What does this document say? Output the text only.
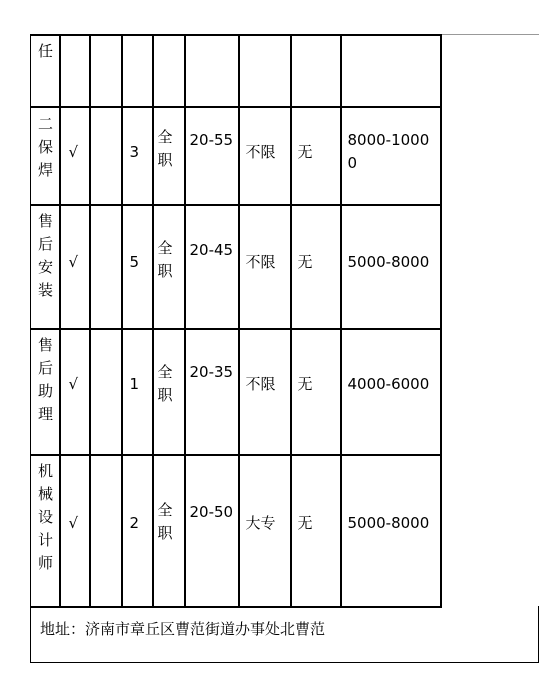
任								

二保焊	√		3	全职	20-55	不限	无	8000-10000

售后安装	√		5	全职	20-45	不限	无	5000-8000

售后助理	√		1	全职	20-35	不限	无	4000-6000

机械设计师	√		2	全职	20-50	大专	无	5000-8000
地址：济南市章丘区曹范街道办事处北曹范
